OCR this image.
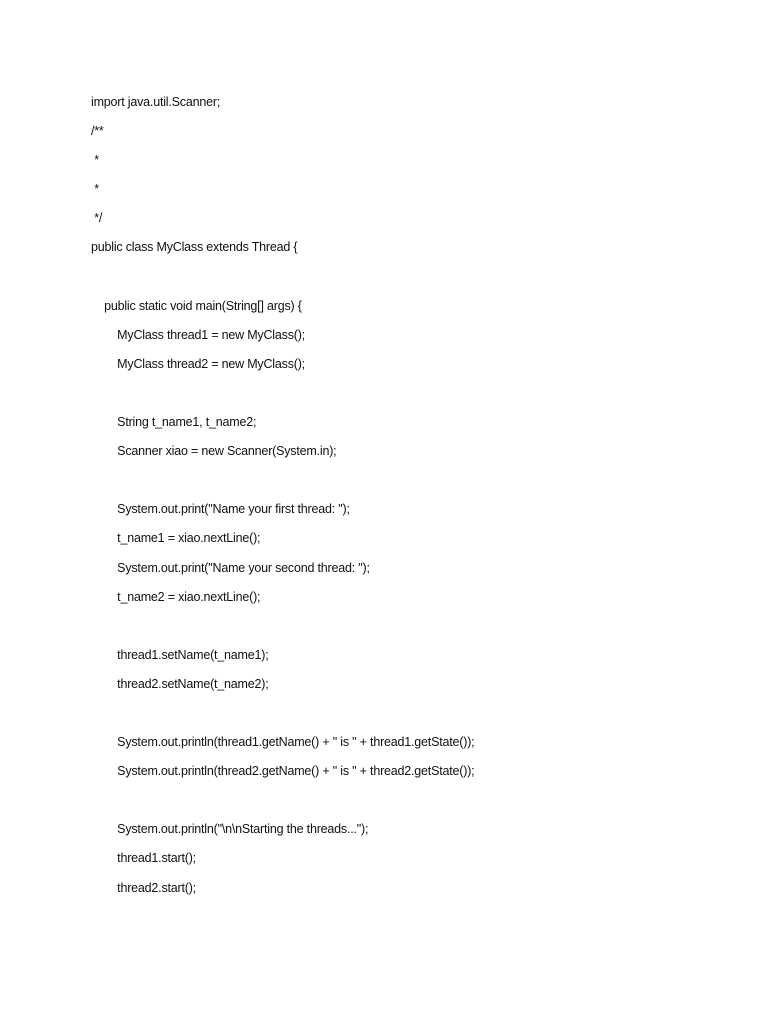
import java.util.Scanner;
/**
*
*
*/
public class MyClass extends Thread {
public static void main(String[] args) {
MyClass thread1 = new MyClass();
MyClass thread2 = new MyClass();
String t_name1, t_name2;
Scanner xiao = new Scanner(System.in);
System.out.print("Name your first thread: ");
t_name1 = xiao.nextLine();
System.out.print("Name your second thread: ");
t_name2 = xiao.nextLine();
thread1.setName(t_name1);
thread2.setName(t_name2);
System.out.println(thread1.getName() + " is " + thread1.getState());
System.out.println(thread2.getName() + " is " + thread2.getState());
System.out.println("\n\nStarting the threads...");
thread1.start();
thread2.start();
